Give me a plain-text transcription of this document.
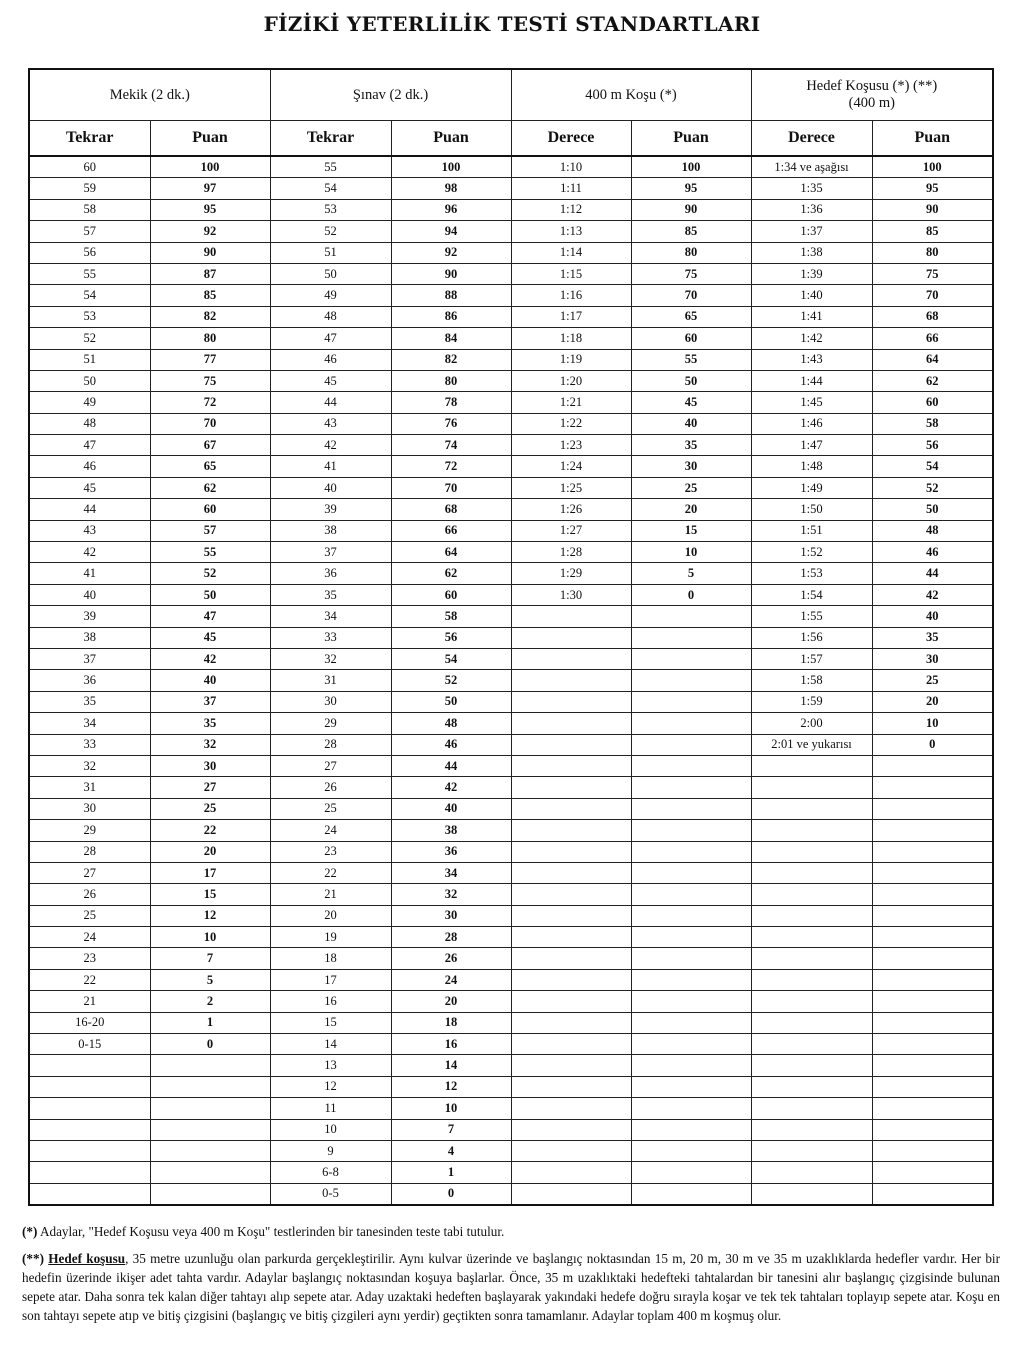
FİZİKİ YETERLİLİK TESTİ STANDARTLARI
Mekik (2 dk.)		Şınav (2 dk.)		400 m Koşu (*)		Hedef Koşusu (*) (**) (400 m)	

Tekrar	Puan	Tekrar	Puan	Derece	Puan	Derece	Puan
60	100	55	100	1:10	100	1:34 ve aşağısı	100
59	97	54	98	1:11	95	1:35	95
58	95	53	96	1:12	90	1:36	90
57	92	52	94	1:13	85	1:37	85
56	90	51	92	1:14	80	1:38	80
55	87	50	90	1:15	75	1:39	75
54	85	49	88	1:16	70	1:40	70
53	82	48	86	1:17	65	1:41	68
52	80	47	84	1:18	60	1:42	66
51	77	46	82	1:19	55	1:43	64
50	75	45	80	1:20	50	1:44	62
49	72	44	78	1:21	45	1:45	60
48	70	43	76	1:22	40	1:46	58
47	67	42	74	1:23	35	1:47	56
46	65	41	72	1:24	30	1:48	54
45	62	40	70	1:25	25	1:49	52
44	60	39	68	1:26	20	1:50	50
43	57	38	66	1:27	15	1:51	48
42	55	37	64	1:28	10	1:52	46
41	52	36	62	1:29	5	1:53	44
40	50	35	60	1:30	0	1:54	42
39	47	34	58			1:55	40
38	45	33	56			1:56	35
37	42	32	54			1:57	30
36	40	31	52			1:58	25
35	37	30	50			1:59	20
34	35	29	48			2:00	10
33	32	28	46			2:01 ve yukarısı	0
32	30	27	44				
31	27	26	42				
30	25	25	40				
29	22	24	38				
28	20	23	36				
27	17	22	34				
26	15	21	32				
25	12	20	30				
24	10	19	28				
23	7	18	26				
22	5	17	24				
21	2	16	20				
16-20	1	15	18				
0-15	0	14	16				
		13	14				
		12	12				
		11	10				
		10	7				
		9	4				
		6-8	1				
		0-5	0				

(*) Adaylar, "Hedef Koşusu veya 400 m Koşu" testlerinden bir tanesinden teste tabi tutulur.

(**) Hedef koşusu, 35 metre uzunluğu olan parkurda gerçekleştirilir. Aynı kulvar üzerinde ve başlangıç noktasından 15 m, 20 m, 30 m ve 35 m uzaklıklarda hedefler vardır. Her bir hedefin üzerinde ikişer adet tahta vardır. Adaylar başlangıç noktasından koşuya başlarlar. Önce, 35 m uzaklıktaki hedefteki tahtalardan bir tanesini alır başlangıç çizgisinde bulunan sepete atar. Daha sonra tek kalan diğer tahtayı alıp sepete atar. Aday uzaktaki hedeften başlayarak yakındaki hedefe doğru sırayla koşar ve tek tek tahtaları toplayıp sepete atar. Koşu en son tahtayı sepete atıp ve bitiş çizgisini (başlangıç ve bitiş çizgileri aynı yerdir) geçtikten sonra tamamlanır. Adaylar toplam 400 m koşmuş olur.
